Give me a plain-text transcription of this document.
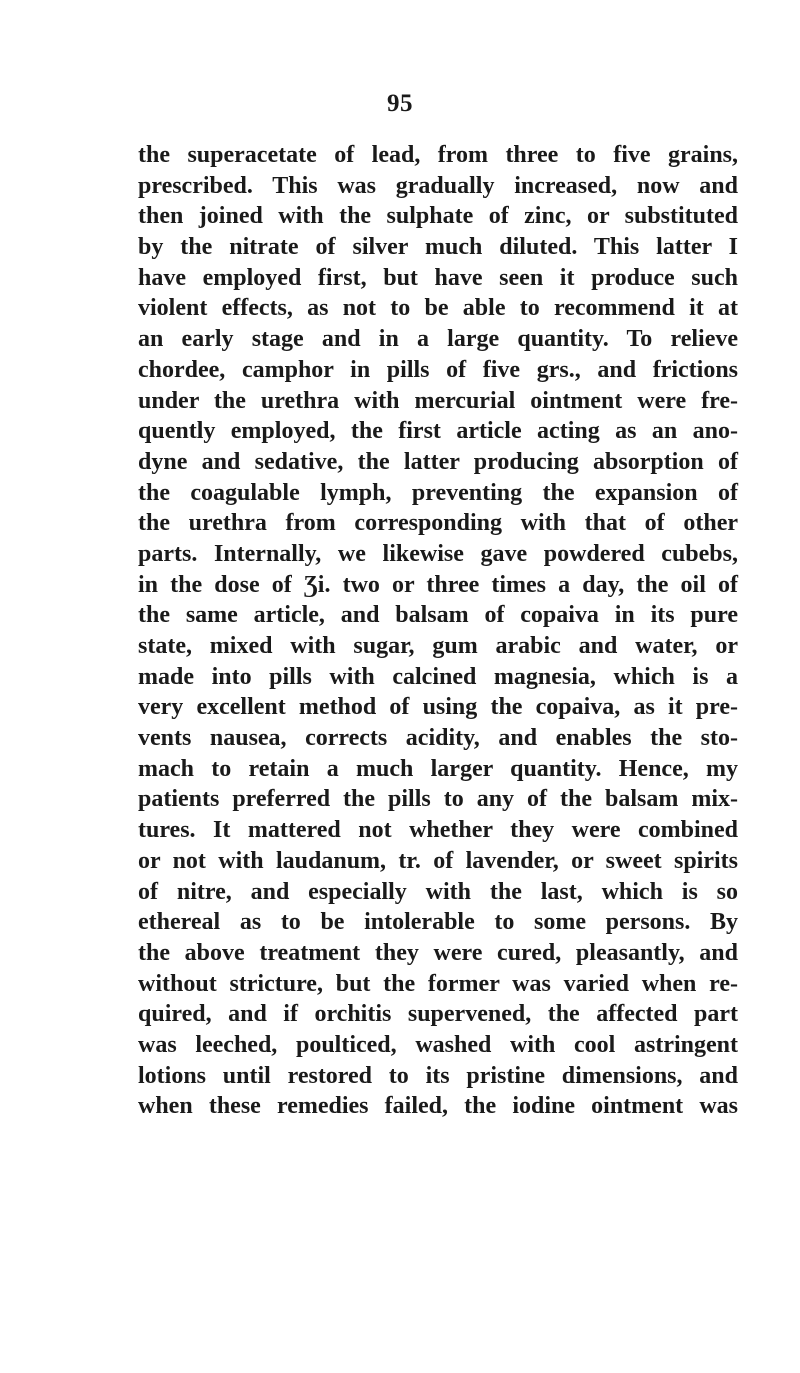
95
the superacetate of lead, from three to five grains,
prescribed. This was gradually increased, now and
then joined with the sulphate of zinc, or substituted
by the nitrate of silver much diluted. This latter I
have employed first, but have seen it produce such
violent effects, as not to be able to recommend it at
an early stage and in a large quantity. To relieve
chordee, camphor in pills of five grs., and frictions
under the urethra with mercurial ointment were fre-
quently employed, the first article acting as an ano-
dyne and sedative, the latter producing absorption of
the coagulable lymph, preventing the expansion of
the urethra from corresponding with that of other
parts. Internally, we likewise gave powdered cubebs,
in the dose of Ʒi. two or three times a day, the oil of
the same article, and balsam of copaiva in its pure
state, mixed with sugar, gum arabic and water, or
made into pills with calcined magnesia, which is a
very excellent method of using the copaiva, as it pre-
vents nausea, corrects acidity, and enables the sto-
mach to retain a much larger quantity. Hence, my
patients preferred the pills to any of the balsam mix-
tures. It mattered not whether they were combined
or not with laudanum, tr. of lavender, or sweet spirits
of nitre, and especially with the last, which is so
ethereal as to be intolerable to some persons. By
the above treatment they were cured, pleasantly, and
without stricture, but the former was varied when re-
quired, and if orchitis supervened, the affected part
was leeched, poulticed, washed with cool astringent
lotions until restored to its pristine dimensions, and
when these remedies failed, the iodine ointment was
